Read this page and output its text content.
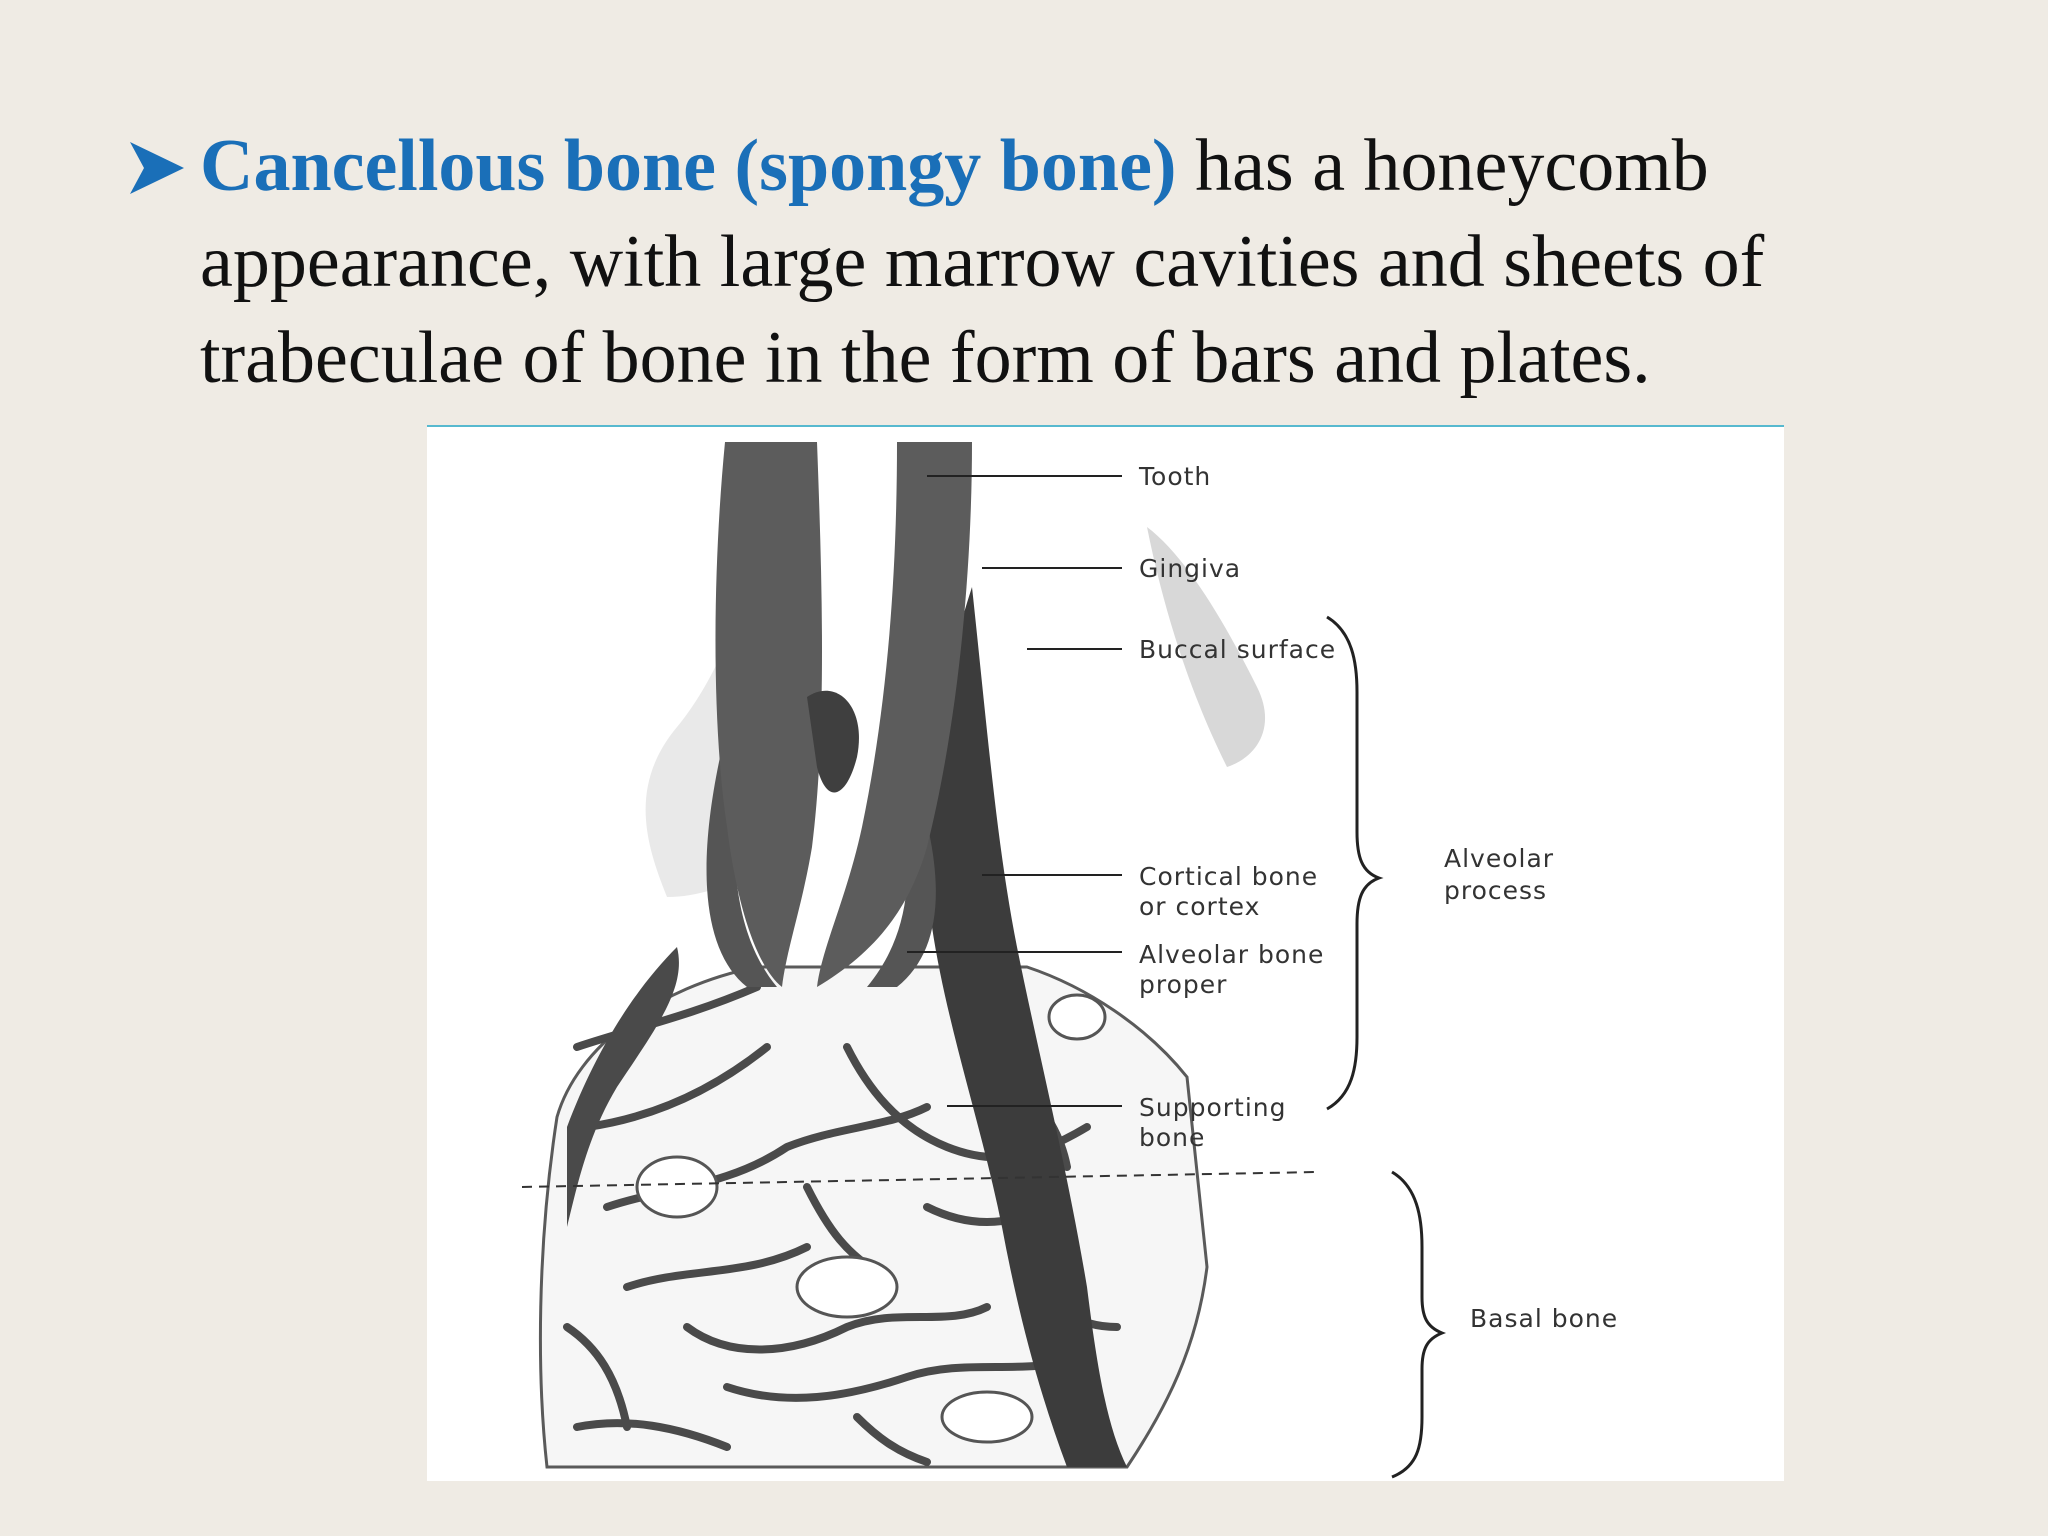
Cancellous bone (spongy bone) has a honeycomb appearance, with large marrow cavities and sheets of trabeculae of bone in the form of bars and plates.
Tooth
Gingiva
Buccal surface
Cortical bone
or cortex
Alveolar bone
proper
Supporting
bone
Alveolar
process
Basal bone
